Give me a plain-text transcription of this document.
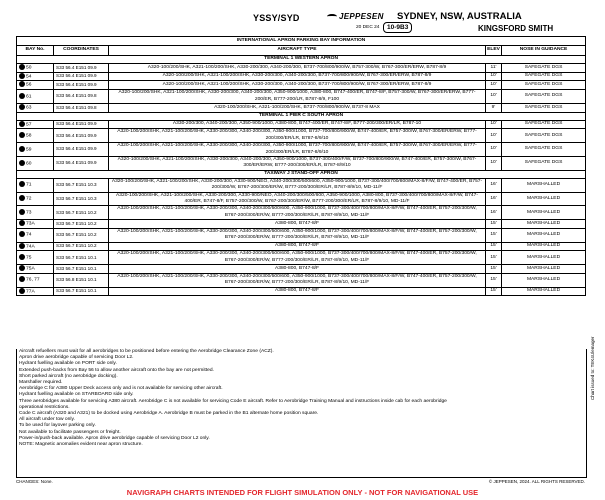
YSSY/SYD	JEPPESEN SYDNEY, NSW, AUSTRALIA
20 DEC 24	10-9B3	KINGSFORD SMITH
INTERNATIONAL APRON PARKING BAY INFORMATION				
BAY No.	COORDINATES	AIRCRAFT TYPE	ELEV	NOSE IN GUIDANCE
TERMINAL 1 WESTERN APRON				
50	S33 56.4 E151 09.9	A320-100/200/SHK, A321-100/200/SHK, A330-200/300, A340-200/300, B737-700/800/900/W, B757-300/W, B767-300/ER/ERW, B787-8/9	11'	SAFEGATE DGS
54	S33 56.4 E151 09.9	A320-100/200/SHK, A321-100/200/SHK, A330-200/300, A340-200/300, B737-700/800/900/W, B767-300/ER/ERW, B787-8/9	10'	SAFEGATE DGS
56	S33 56.4 E151 09.9	A320-100/200/SHK, A321-100/200/SHK, A330-200/300, A340-200/300, B737-700/800/900/W, B767-300/ER/ERW, B787-8/9	10'	SAFEGATE DGS
61	S33 56.4 E151 09.8	A320-100/200/SHK, A321-100/200/SHK, A330-200/300, A340-200/300, A350-900/1000, A380-800, B747-400/ER, B747-8/F, B757-300/W, B767-300/ER/ERW, B777-200/ER, B777-200/LR, B787-8/9, F100	10'	SAFEGATE DGS
63	S33 56.4 E151 09.8	A320-100/200/SHK, A321-100/200/SHK, B737-700/800/900/W, B737-8 MAX	9'	SAFEGATE DGS
TERMINAL 1 PIER C SOUTH APRON				
57	S33 56.4 E151 09.9	A330-200/300, A340-200/300, A350-900/1000, A380-800, B747-400/ER, B747-8/F, B777-200/300/ER/LR, B787-10	10'	SAFEGATE DGS
58	S33 56.4 E151 09.9	A320-100/200/SHK, A321-100/200/SHK, A330-200/300, A340-200/300, A350-900/1000, B737-700/800/900/W, B747-400/ER, B757-300/W, B767-300/ER/ERW, B777-200/300/ER/LR, B787-8/9/10	10'	SAFEGATE DGS
59	S33 56.4 E151 09.9	A320-100/200/SHK, A321-100/200/SHK, A330-200/300, A340-200/300, A350-900/1000, B737-700/800/900/W, B747-400/ER, B757-300/W, B767-300/ER/ERW, B777-200/300/ER/LR, B787-8/9/10	10'	SAFEGATE DGS
60	S33 56.4 E151 09.9	A320-100/200/SHK, A321-100/200/SHK, A330-200/300, A340-200/300, A350-900/1000, B737-300/400/F/W, B737-700/800/900/W, B747-400/ER, B757-300/W, B767-300/ER/ERW, B777-200/300/ER/LR, B787-8/9/10	10'	SAFEGATE DGS
TAXIWAY J STAND-OFF APRON				
71	S33 56.7 E151 10.3	A320-100/200/SHK, A321-100/200/SHK, A330-200/300, A330-900/NEO, A340-200/300/500/600, A350-900/1000, B737-300/400/700/800/MAX-8/F/W, B747-400/ER, B757-200/300/W, B767-200/300/ER/W, B777-200/300/ER/LR, B787-8/9/10, MD-11/F	16'	MARSHALLED
72	S33 56.7 E151 10.3	A320-100/200/SHK, A321-100/200/SHK, A330-200/300, A330-900/NEO, A340-200/300/500/600, A350-900/1000, A380-800, B737-300/400/700/800/MAX-8/F/W, B747-400/ER, B747-8/F, B757-200/300/W, B767-200/300/ER/W, B777-200/300/ER/LR, B787-8/9/10, MD-11/F	16'	MARSHALLED
73	S33 56.7 E151 10.2	A320-100/200/SHK, A321-100/200/SHK, A330-200/300, A340-200/300/500/600, A350-900/1000, B737-300/400/700/800/MAX-8/F/W, B747-400/ER, B757-200/300/W, B767-200/300/ER/W, B777-200/300/ER/LR, B787-8/9/10, MD-11/F	16'	MARSHALLED
73A	S33 56.7 E151 10.2	A380-800, B747-8/F	15'	MARSHALLED
74	S33 56.7 E151 10.2	A320-100/200/SHK, A321-100/200/SHK, A330-200/300, A340-200/300/500/600, A350-900/1000, B737-300/400/700/800/MAX-8/F/W, B747-400/ER, B757-200/300/W, B767-200/300/ER/W, B777-200/300/ER/LR, B787-8/9/10, MD-11/F	15'	MARSHALLED
74A	S33 56.7 E151 10.2	A380-800, B747-8/F	15'	MARSHALLED
75	S33 56.7 E151 10.1	A320-100/200/SHK, A321-100/200/SHK, A330-200/300, A340-200/300/500/600, A350-900/1000, B737-300/400/700/800/MAX-8/F/W, B747-400/ER, B757-200/300/W, B767-200/300/ER/W, B777-200/300/ER/LR, B787-8/9/10, MD-11/F	15'	MARSHALLED
75A	S33 56.7 E151 10.1	A380-800, B747-8/F	15'	MARSHALLED
76, 77	S33 56.8 E151 10.1	A320-100/200/SHK, A321-100/200/SHK, A330-200/300, A340-200/300/500/600, A350-900/1000, B737-300/400/700/800/MAX-8/F/W, B747-400/ER, B757-200/300/W, B767-200/300/ER/W, B777-200/300/ER/LR, B787-8/9/10, MD-11/F	15'	MARSHALLED
77A	S33 56.7 E151 10.1	A380-800, B747-8/F	15'	MARSHALLED
Aircraft refuellers must wait for all aerobridges to be positioned before entering the Aerobridge Clearance Zone (ACZ).
Apron drive aerobridge capable of servicing Door L2.
Hydrant fuelling available on PORT side only.
Extended push-backs from Bay 56 to allow another aircraft onto the bay are not permitted.
Short parked aircraft (no aerobridge docking).
Marshaller required.
Aerobridge C for A380 Upper Deck access only and is not available for servicing other aircraft.
Hydrant fuelling available on STARBOARD side only.
Three aerobridges available for servicing A380 aircraft. Aerobridge C is not available for servicing Code E aircraft. Refer to Aerobridge Training Manual and instructions inside cab for each aerobridge
operational restrictions.
Code C aircraft (A320 and A321) to be docked using Aerobridge A. Aerobridge B must be parked in the B1 alternate home position square.
All aircraft under tow only.
To be used for layover parking only.
Not available to facilitate passengers or freight.
Power-in/push-back available. Apron drive aerobridge capable of servicing Door L2 only.
NOTE: Magnetic anomalies evident near apron structure.
CHANGES: None.	© JEPPESEN, 2024. ALL RIGHTS RESERVED.
NAVIGRAPH CHARTS INTENDED FOR FLIGHT SIMULATION ONLY - NOT FOR NAVIGATIONAL USE
Chart issued to: TEK4Ulemager
